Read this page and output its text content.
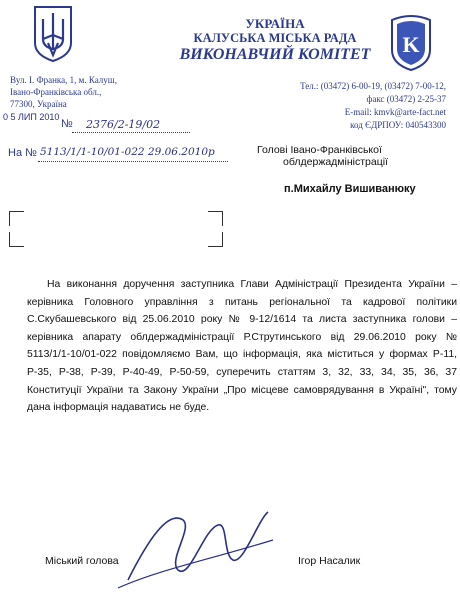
K
УКРАЇНА
КАЛУСЬКА МІСЬКА РАДА
ВИКОНАВЧИЙ КОМІТЕТ
Вул. І. Франка, 1, м. Калуш,
Івано-Франківська обл.,
77300, Україна
Тел.: (03472) 6-00-19, (03472) 7-00-12,
факс (03472) 2-25-37
E-mail: kmvk@arte-fact.net
код ЄДРПОУ: 040543300
0 5 ЛИП 2010
№ 2376/2-19/02
На № 5113/1/1-10/01-022 29.06.2010р	Голові Івано-Франківської
облдержадміністрації
п.Михайлу Вишиванюку
На виконання доручення заступника Глави Адміністрації Президента України – керівника Головного управління з питань регіональної та кадрової політики С.Скубашевського від 25.06.2010 року № 9-12/1614 та листа заступника голови – керівника апарату облдержадміністрації Р.Струтинського від 29.06.2010 року № 5113/1/1-10/01-022 повідомляємо Вам, що інформація, яка міститься у формах Р-11, Р-35, Р-38, Р-39, Р-40-49, Р-50-59, суперечить статтям 3, 32, 33, 34, 35, 36, 37 Конституції України та Закону України „Про місцеве самоврядування в Україні", тому дана інформація надаватись не буде.
Міський голова	Ігор Насалик
